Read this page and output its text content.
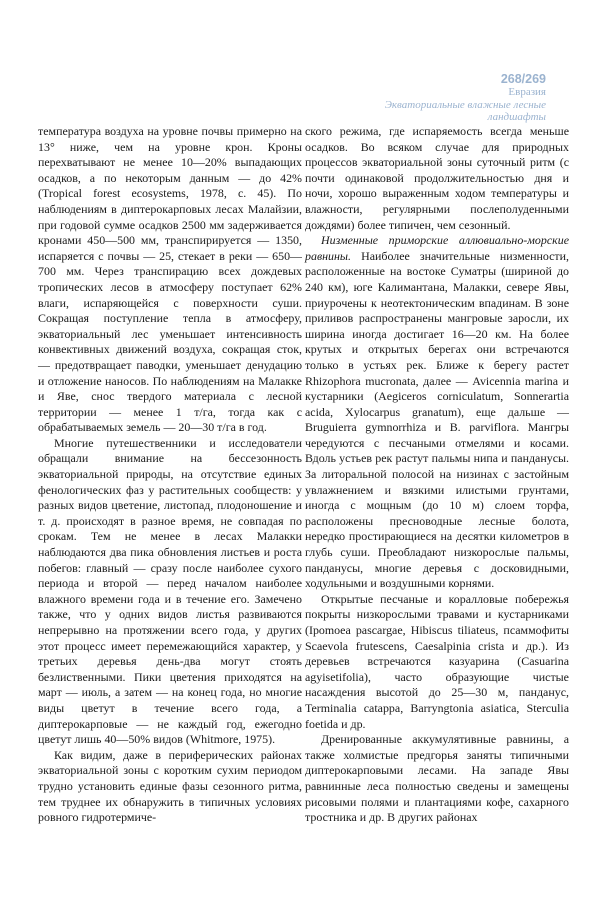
268/269
Евразия
Экваториальные влажные лесные
ландшафты

температура воздуха на уровне почвы примерно на 13° ниже, чем на уровне крон. Кроны перехватывают не менее 10—20% выпадающих осадков, а по некоторым данным — до 42% (Tropical forest ecosystems, 1978, с. 45). По наблюдениям в диптерокарповых лесах Малайзии, при годовой сумме осадков 2500 мм задерживается кронами 450—500 мм, транспирируется — 1350, испаряется с почвы — 25, стекает в реки — 650—700 мм. Через транспирацию всех дождевых тропических лесов в атмосферу поступает 62% влаги, испаряющейся с поверхности суши. Сокращая поступление тепла в атмосферу, экваториальный лес уменьшает интенсивность конвективных движений воздуха, сокращая сток, — предотвращает паводки, уменьшает денудацию и отложение наносов. По наблюдениям на Малакке и Яве, снос твердого материала с лесной территории — менее 1 т/га, тогда как с обрабатываемых земель — 20—30 т/га в год.

Многие путешественники и исследователи обращали внимание на бессезонность экваториальной природы, на отсутствие единых фенологических фаз у растительных сообществ: у разных видов цветение, листопад, плодоношение и т. д. происходят в разное время, не совпадая по срокам. Тем не менее в лесах Малакки наблюдаются два пика обновления листьев и роста побегов: главный — сразу после наиболее сухого периода и второй — перед началом наиболее влажного времени года и в течение его. Замечено также, что у одних видов листья развиваются непрерывно на протяжении всего года, у других этот процесс имеет перемежающийся характер, у третьих деревья день-два могут стоять безлиственными. Пики цветения приходятся на март — июль, а затем — на конец года, но многие виды цветут в течение всего года, а диптерокарповые — не каждый год, ежегодно цветут лишь 40—50% видов (Whitmore, 1975).

Как видим, даже в периферических районах экваториальной зоны с коротким сухим периодом трудно установить единые фазы сезонного ритма, тем труднее их обнаружить в типичных условиях ровного гидротермиче-

ского режима, где испаряемость всегда меньше осадков. Во всяком случае для природных процессов экваториальной зоны суточный ритм (с почти одинаковой продолжительностью дня и ночи, хорошо выраженным ходом температуры и влажности, регулярными послеполуденными дождями) более типичен, чем сезонный.

Низменные приморские аллювиально-морские равнины. Наиболее значительные низменности, расположенные на востоке Суматры (шириной до 240 км), юге Калимантана, Малакки, севере Явы, приурочены к неотектоническим впадинам. В зоне приливов распространены мангровые заросли, их ширина иногда достигает 16—20 км. На более крутых и открытых берегах они встречаются только в устьях рек. Ближе к берегу растет Rhizophora mucronata, далее — Avicennia marina и кустарники (Aegiceros corniculatum, Sonnerartia acida, Xylocarpus granatum), еще дальше — Bruguierra gymnorrhiza и B. parviflora. Мангры чередуются с песчаными отмелями и косами. Вдоль устьев рек растут пальмы нипа и панданусы. За литоральной полосой на низинах с застойным увлажнением и вязкими илистыми грунтами, иногда с мощным (до 10 м) слоем торфа, расположены пресноводные лесные болота, нередко простирающиеся на десятки километров в глубь суши. Преобладают низкорослые пальмы, панданусы, многие деревья с досковидными, ходульными и воздушными корнями.

Открытые песчаные и коралловые побережья покрыты низкорослыми травами и кустарниками (Ipomoea pascargae, Hibiscus tiliateus, псаммофиты Scaevola frutescens, Caesalpinia crista и др.). Из деревьев встречаются казуарина (Casuarina agyisetifolia), часто образующие чистые насаждения высотой до 25—30 м, панданус, Terminalia catappa, Barryngtonia asiatica, Sterculia foetida и др.

Дренированные аккумулятивные равнины, а также холмистые предгорья заняты типичными диптерокарповыми лесами. На западе Явы равнинные леса полностью сведены и замещены рисовыми полями и плантациями кофе, сахарного тростника и др. В других районах
